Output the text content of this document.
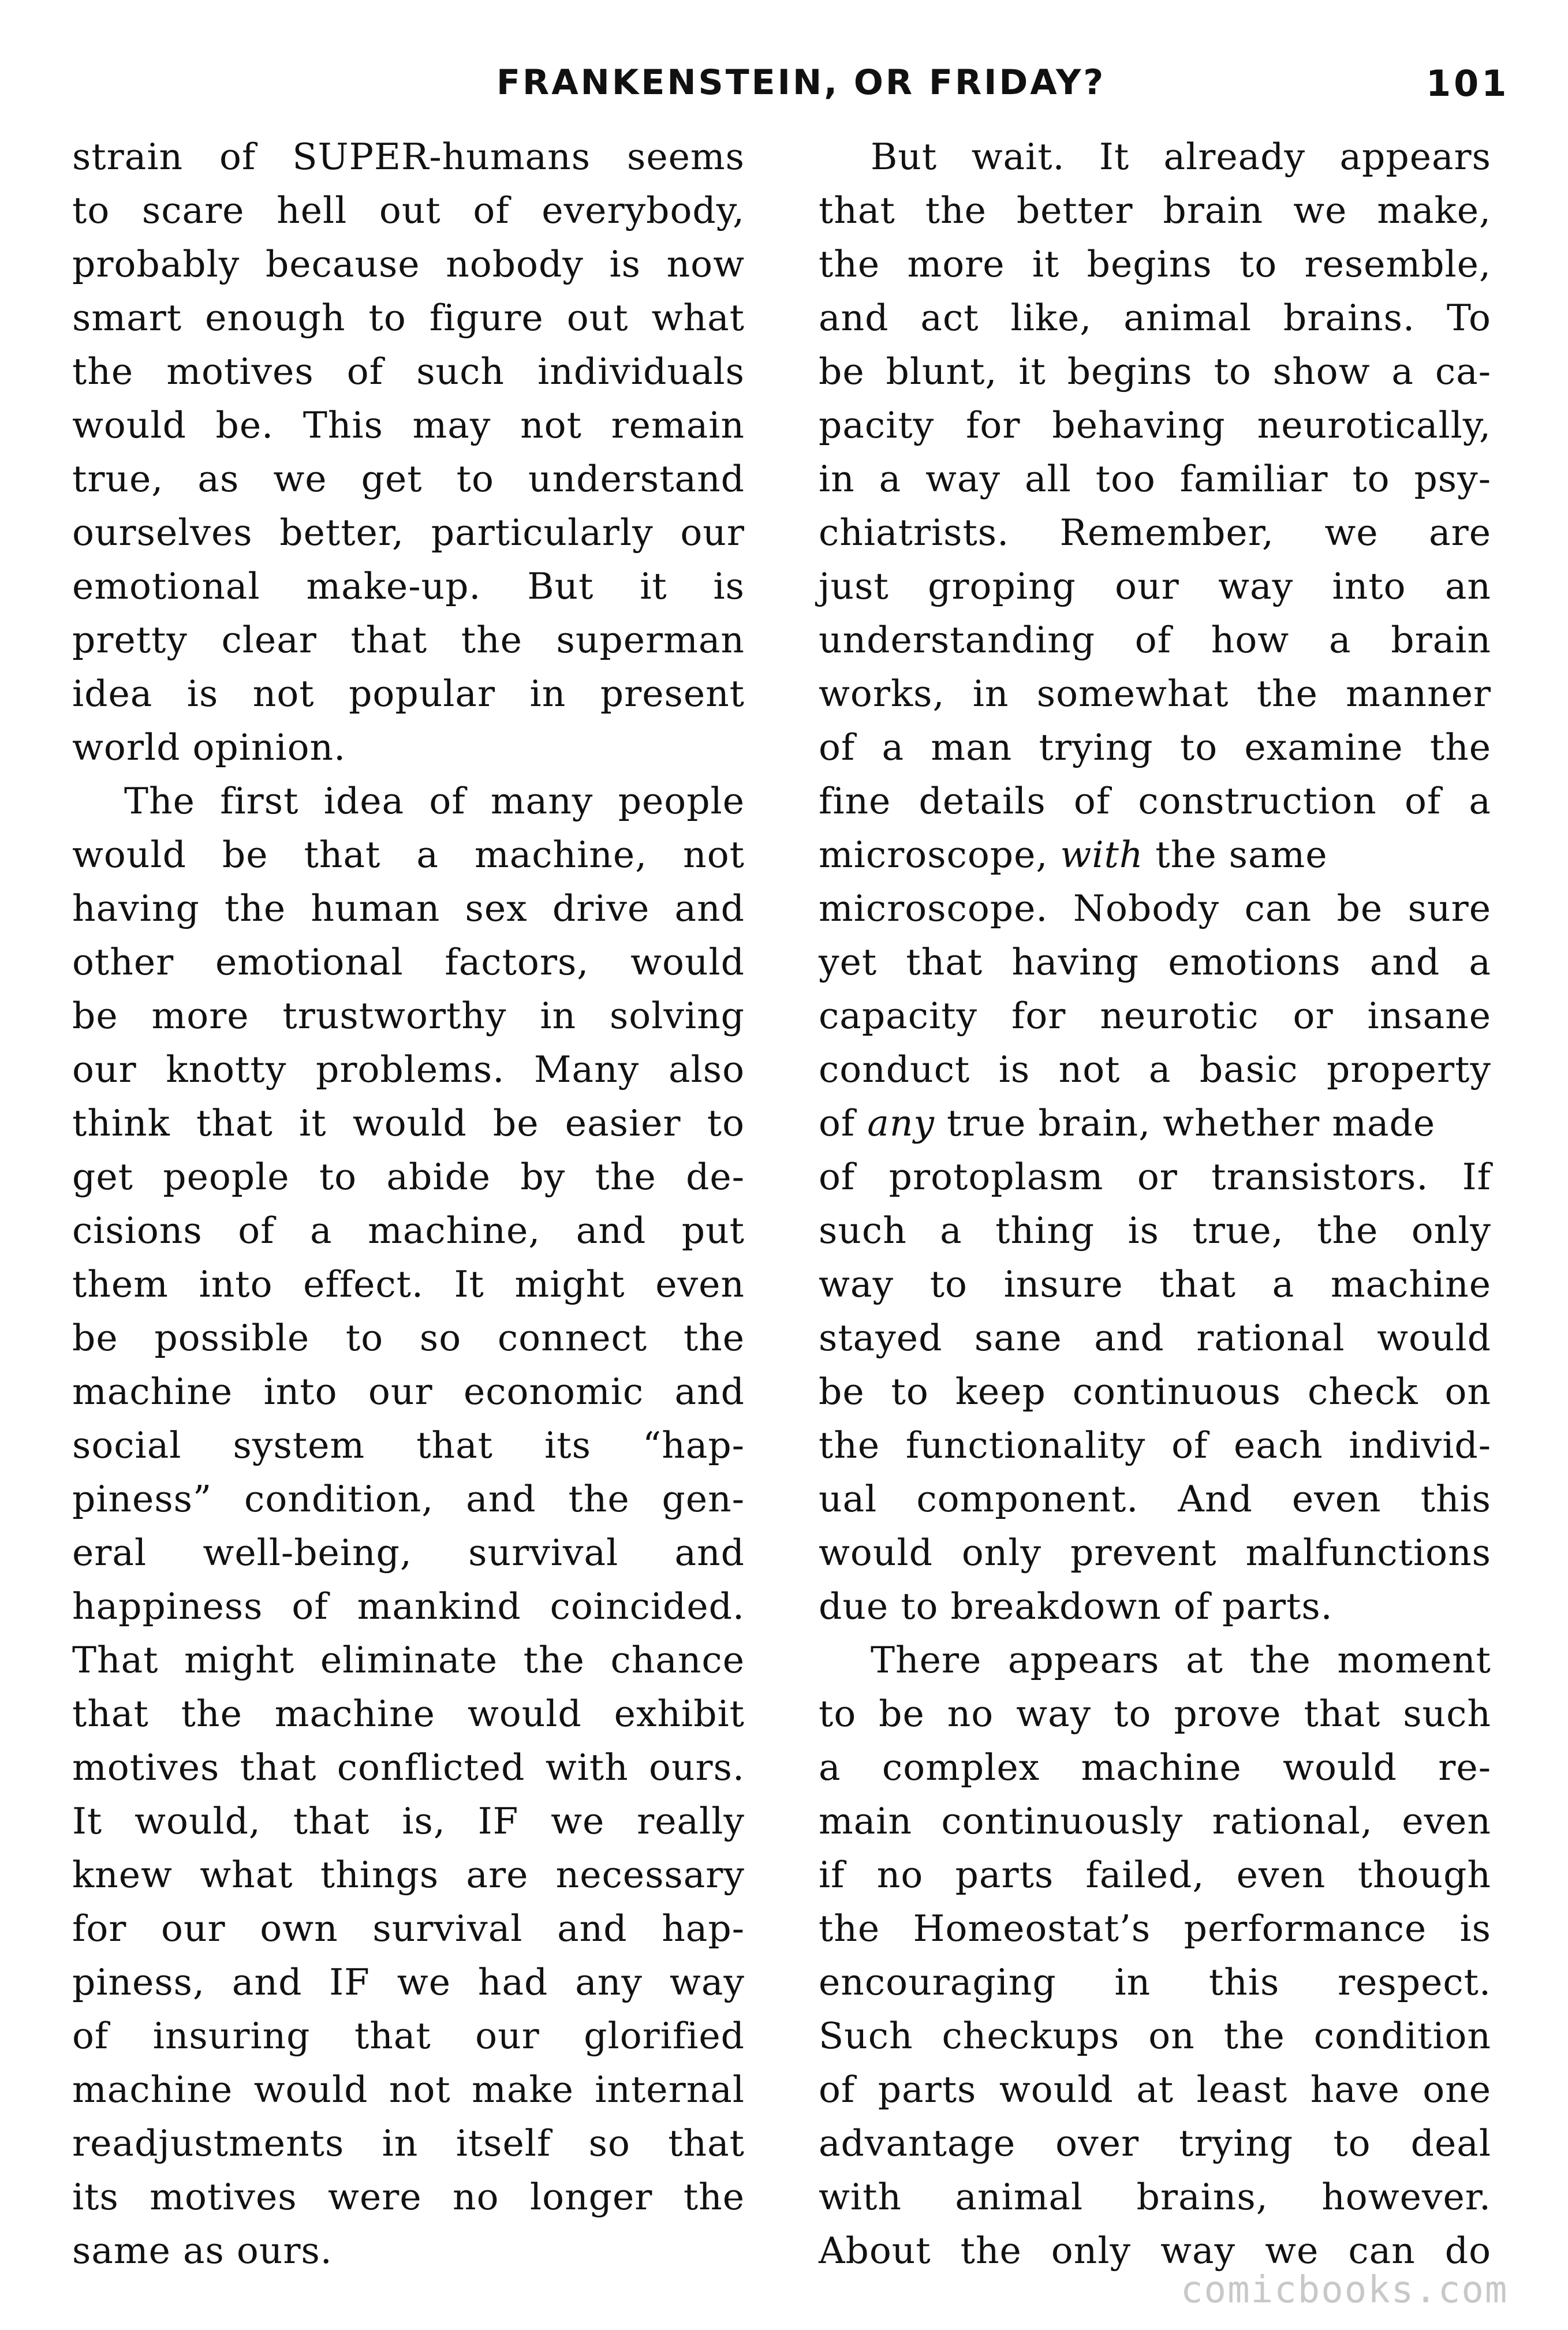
FRANKENSTEIN, OR FRIDAY?	101
strain of SUPER-humans seems
to scare hell out of everybody,
probably because nobody is now
smart enough to figure out what
the motives of such individuals
would be. This may not remain
true, as we get to understand
ourselves better, particularly our
emotional make-up. But it is
pretty clear that the superman
idea is not popular in present
world opinion.
The first idea of many people
would be that a machine, not
having the human sex drive and
other emotional factors, would
be more trustworthy in solving
our knotty problems. Many also
think that it would be easier to
get people to abide by the de-
cisions of a machine, and put
them into effect. It might even
be possible to so connect the
machine into our economic and
social system that its “hap-
piness” condition, and the gen-
eral well-being, survival and
happiness of mankind coincided.
That might eliminate the chance
that the machine would exhibit
motives that conflicted with ours.
It would, that is, IF we really
knew what things are necessary
for our own survival and hap-
piness, and IF we had any way
of insuring that our glorified
machine would not make internal
readjustments in itself so that
its motives were no longer the
same as ours.
But wait. It already appears
that the better brain we make,
the more it begins to resemble,
and act like, animal brains. To
be blunt, it begins to show a ca-
pacity for behaving neurotically,
in a way all too familiar to psy-
chiatrists. Remember, we are
just groping our way into an
understanding of how a brain
works, in somewhat the manner
of a man trying to examine the
fine details of construction of a
microscope, with the same
microscope. Nobody can be sure
yet that having emotions and a
capacity for neurotic or insane
conduct is not a basic property
of any true brain, whether made
of protoplasm or transistors. If
such a thing is true, the only
way to insure that a machine
stayed sane and rational would
be to keep continuous check on
the functionality of each individ-
ual component. And even this
would only prevent malfunctions
due to breakdown of parts.
There appears at the moment
to be no way to prove that such
a complex machine would re-
main continuously rational, even
if no parts failed, even though
the Homeostat’s performance is
encouraging in this respect.
Such checkups on the condition
of parts would at least have one
advantage over trying to deal
with animal brains, however.
About the only way we can do
comicbooks.com
